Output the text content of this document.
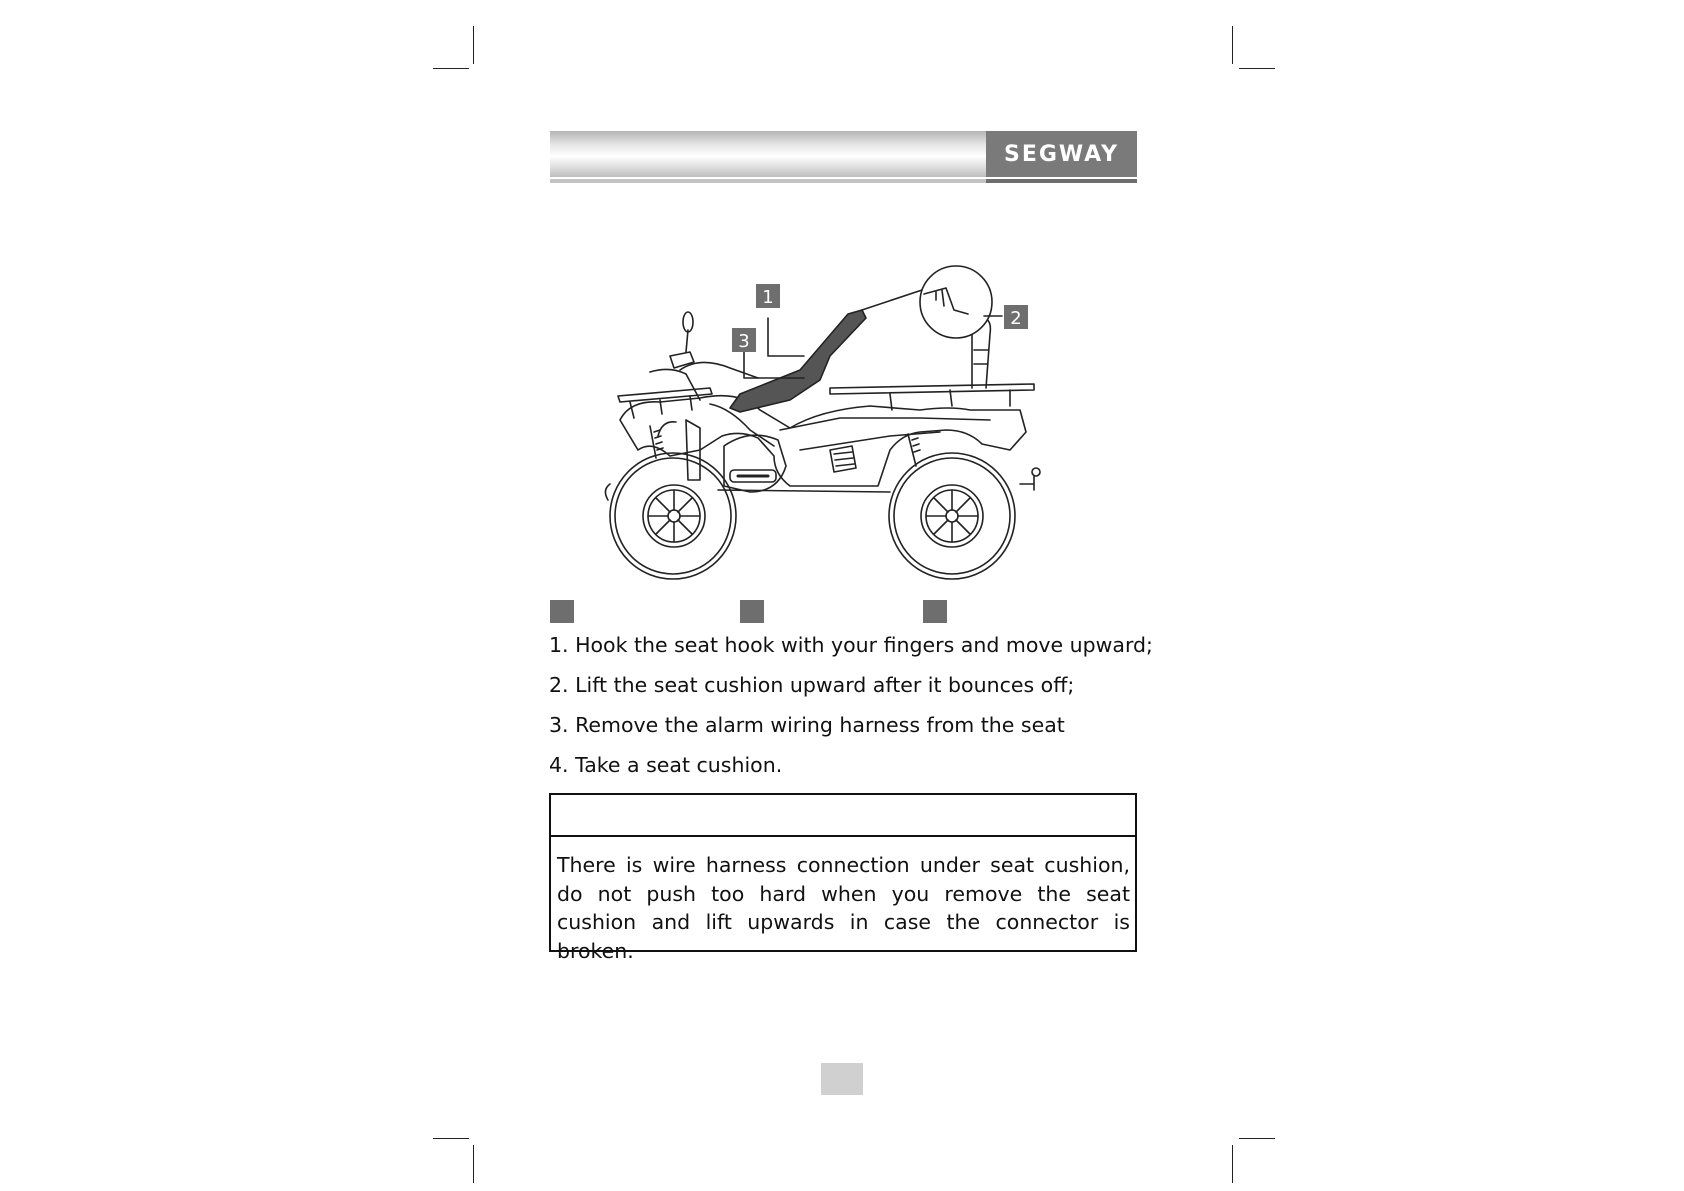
SEGWAY
1
2
3
1. Hook the seat hook with your fingers and move upward;
2. Lift the seat cushion upward after it bounces off;
3. Remove the alarm wiring harness from the seat
4. Take a seat cushion.
There is wire harness connection under seat cushion, do not push too hard when you remove the seat cushion and lift upwards in case the connector is broken.
